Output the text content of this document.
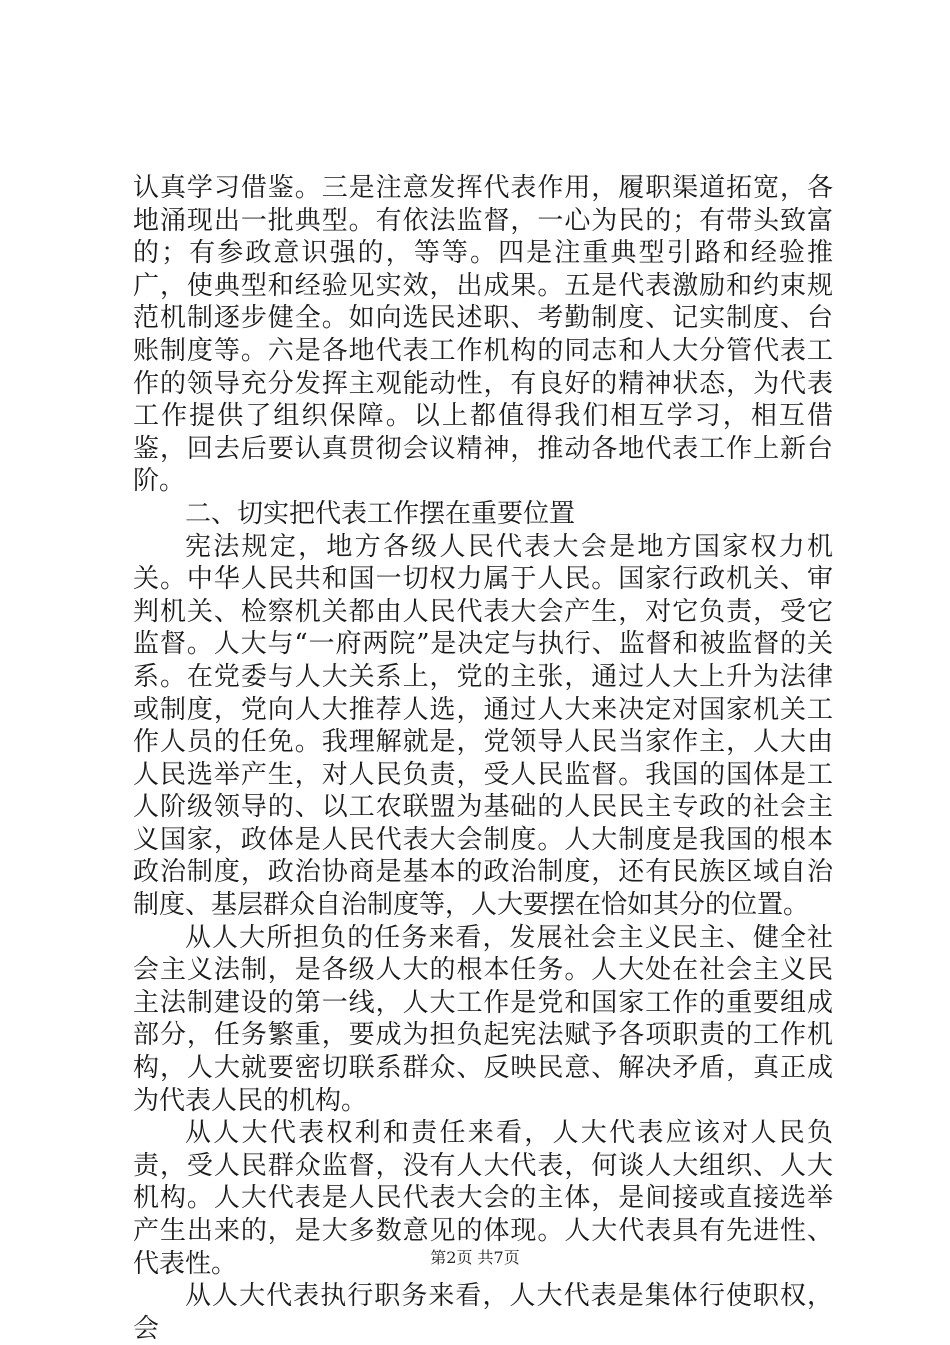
认真学习借鉴。三是注意发挥代表作用，履职渠道拓宽，各地涌现出一批典型。有依法监督，一心为民的；有带头致富的；有参政意识强的，等等。四是注重典型引路和经验推广，使典型和经验见实效，出成果。五是代表激励和约束规范机制逐步健全。如向选民述职、考勤制度、记实制度、台账制度等。六是各地代表工作机构的同志和人大分管代表工作的领导充分发挥主观能动性，有良好的精神状态，为代表工作提供了组织保障。以上都值得我们相互学习，相互借鉴，回去后要认真贯彻会议精神，推动各地代表工作上新台阶。

二、切实把代表工作摆在重要位置

宪法规定，地方各级人民代表大会是地方国家权力机关。中华人民共和国一切权力属于人民。国家行政机关、审判机关、检察机关都由人民代表大会产生，对它负责，受它监督。人大与“一府两院”是决定与执行、监督和被监督的关系。在党委与人大关系上，党的主张，通过人大上升为法律或制度，党向人大推荐人选，通过人大来决定对国家机关工作人员的任免。我理解就是，党领导人民当家作主，人大由人民选举产生，对人民负责，受人民监督。我国的国体是工人阶级领导的、以工农联盟为基础的人民民主专政的社会主义国家，政体是人民代表大会制度。人大制度是我国的根本政治制度，政治协商是基本的政治制度，还有民族区域自治制度、基层群众自治制度等，人大要摆在恰如其分的位置。

从人大所担负的任务来看，发展社会主义民主、健全社会主义法制，是各级人大的根本任务。人大处在社会主义民主法制建设的第一线，人大工作是党和国家工作的重要组成部分，任务繁重，要成为担负起宪法赋予各项职责的工作机构，人大就要密切联系群众、反映民意、解决矛盾，真正成为代表人民的机构。

从人大代表权利和责任来看，人大代表应该对人民负责，受人民群众监督，没有人大代表，何谈人大组织、人大机构。人大代表是人民代表大会的主体，是间接或直接选举产生出来的，是大多数意见的体现。人大代表具有先进性、代表性。

从人大代表执行职务来看，人大代表是集体行使职权，会

第2页 共7页
